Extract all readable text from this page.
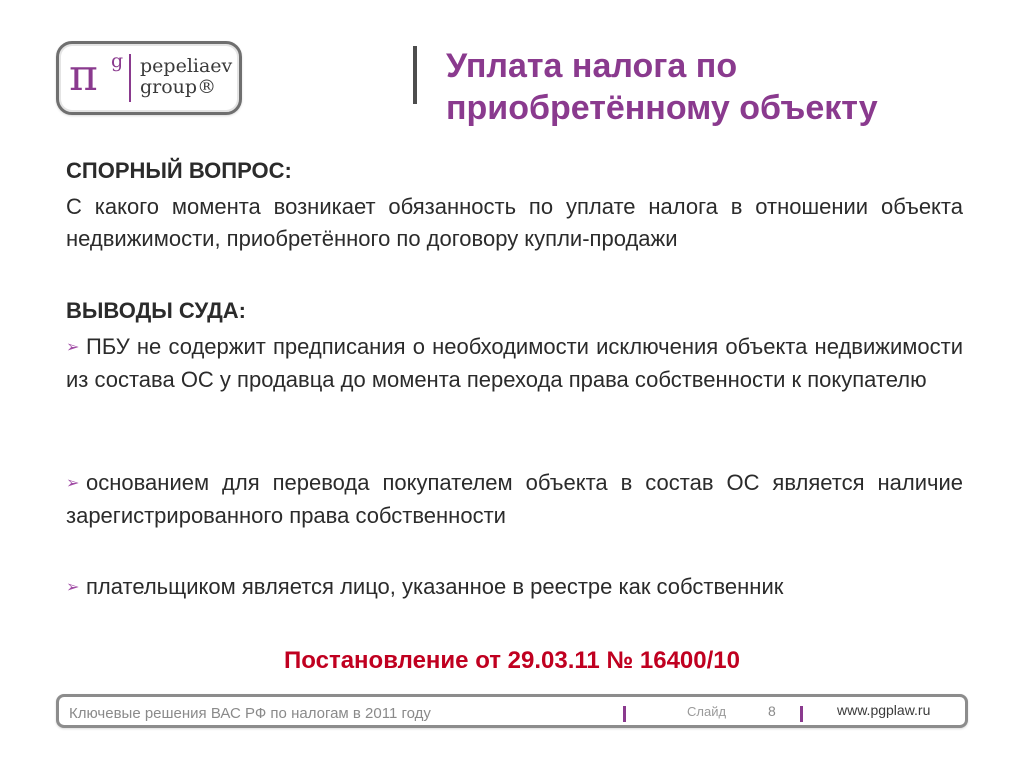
π g pepeliaev
group®
Уплата налога по
приобретённому объекту
СПОРНЫЙ ВОПРОС:
С какого момента возникает обязанность по уплате налога в отношении объекта недвижимости, приобретённого по договору купли-продажи
ВЫВОДЫ СУДА:
➢ ПБУ не содержит предписания о необходимости исключения объекта недвижимости из состава ОС у продавца до момента перехода права собственности к покупателю
➢ основанием для перевода покупателем объекта в состав ОС является наличие зарегистрированного права собственности
➢ плательщиком является лицо, указанное в реестре как собственник
Постановление от 29.03.11 № 16400/10
Ключевые решения ВАС РФ по налогам в 2011 году	Слайд	8	www.pgplaw.ru
